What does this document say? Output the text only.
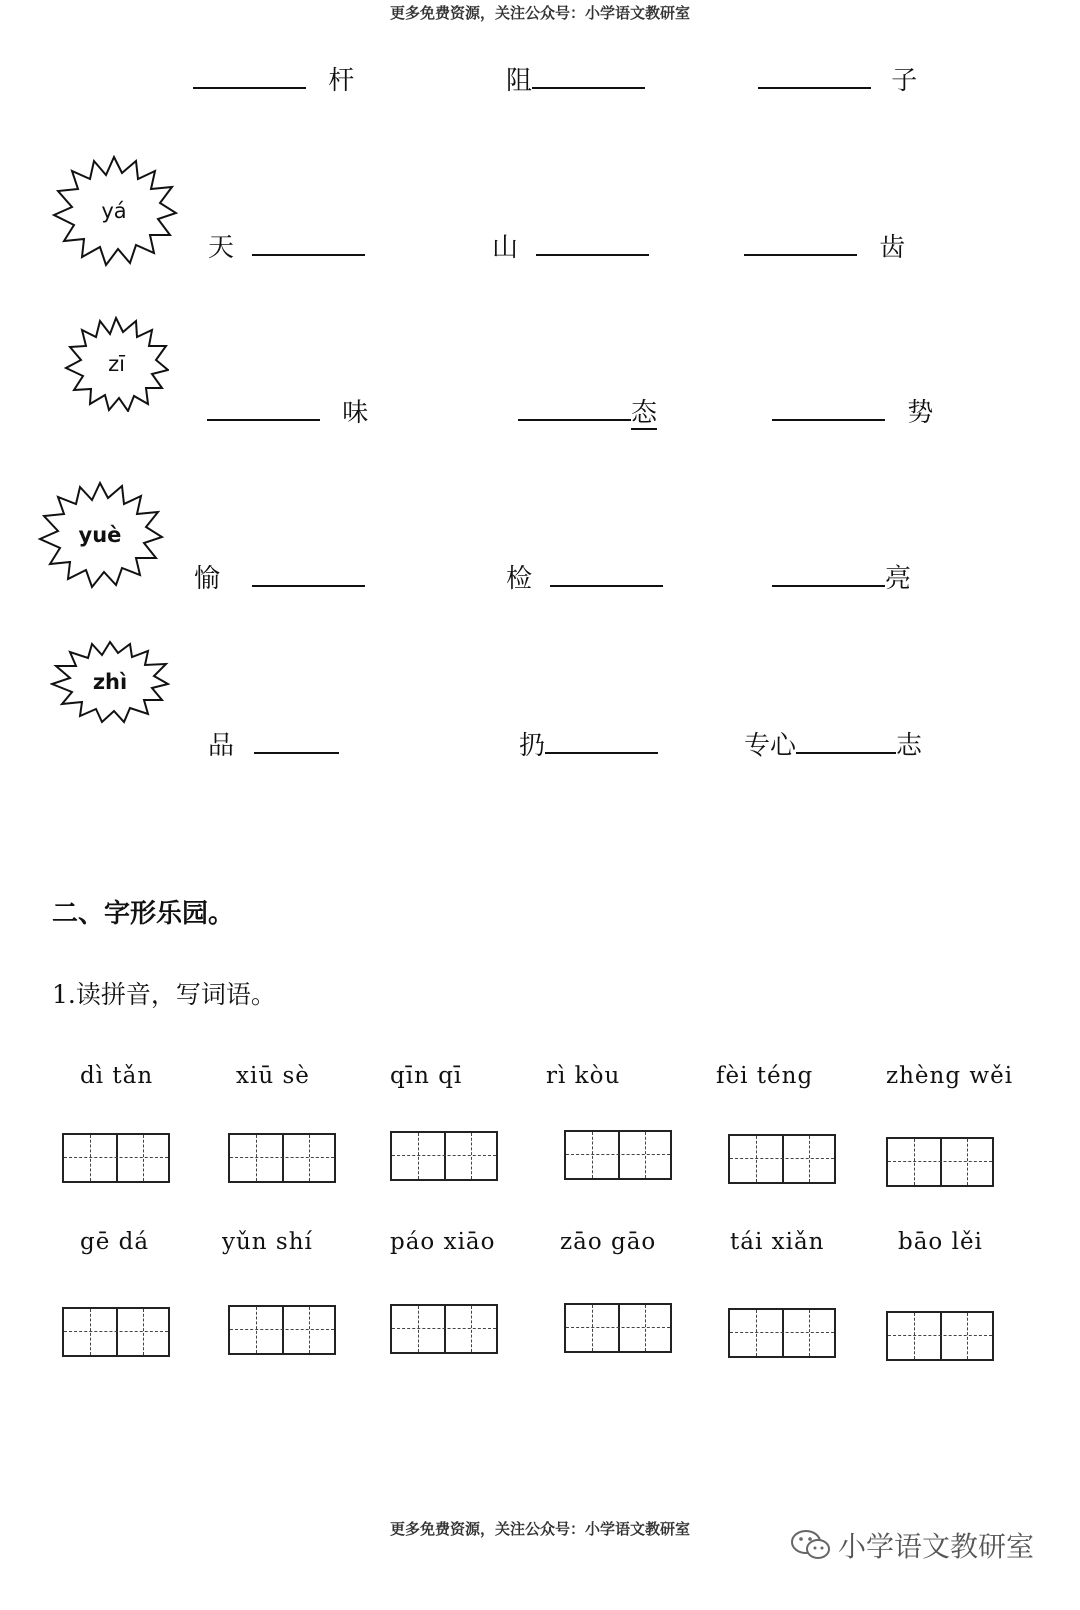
更多免费资源，关注公众号：小学语文教研室
杆	阻	子
yá
天	山	齿
zī
味	态	势
yuè
愉	检	亮
zhì
品	扔	专心	志
二、字形乐园。
1.读拼音，写词语。
dì tǎn	xiū sè	qīn qī	rì kòu	fèi téng	zhèng wěi
gē dá	yǔn shí	páo xiāo	zāo gāo	tái xiǎn	bāo lěi
更多免费资源，关注公众号：小学语文教研室
小学语文教研室
